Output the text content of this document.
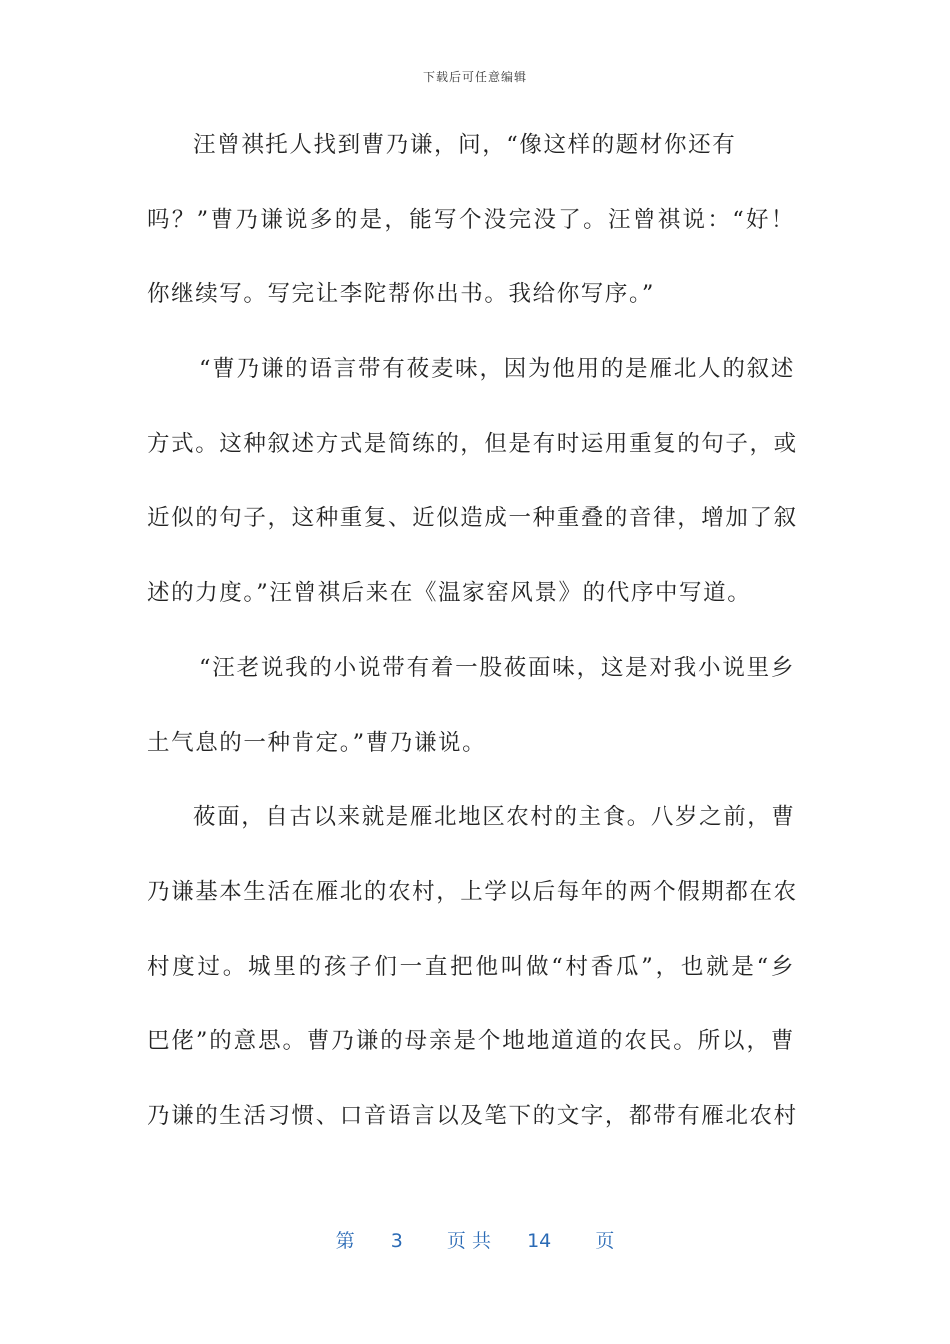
下载后可任意编辑
汪曾祺托人找到曹乃谦，问，“像这样的题材你还有
吗？”曹乃谦说多的是，能写个没完没了。汪曾祺说：“好！
你继续写。写完让李陀帮你出书。我给你写序。”
“曹乃谦的语言带有莜麦味，因为他用的是雁北人的叙述
方式。这种叙述方式是简练的，但是有时运用重复的句子，或
近似的句子，这种重复、近似造成一种重叠的音律，增加了叙
述的力度。”汪曾祺后来在《温家窑风景》的代序中写道。
“汪老说我的小说带有着一股莜面味，这是对我小说里乡
土气息的一种肯定。”曹乃谦说。
莜面，自古以来就是雁北地区农村的主食。八岁之前，曹
乃谦基本生活在雁北的农村，上学以后每年的两个假期都在农
村度过。城里的孩子们一直把他叫做“村香瓜”，也就是“乡
巴佬”的意思。曹乃谦的母亲是个地地道道的农民。所以，曹
乃谦的生活习惯、口音语言以及笔下的文字，都带有雁北农村
第 3 页 共 14 页
